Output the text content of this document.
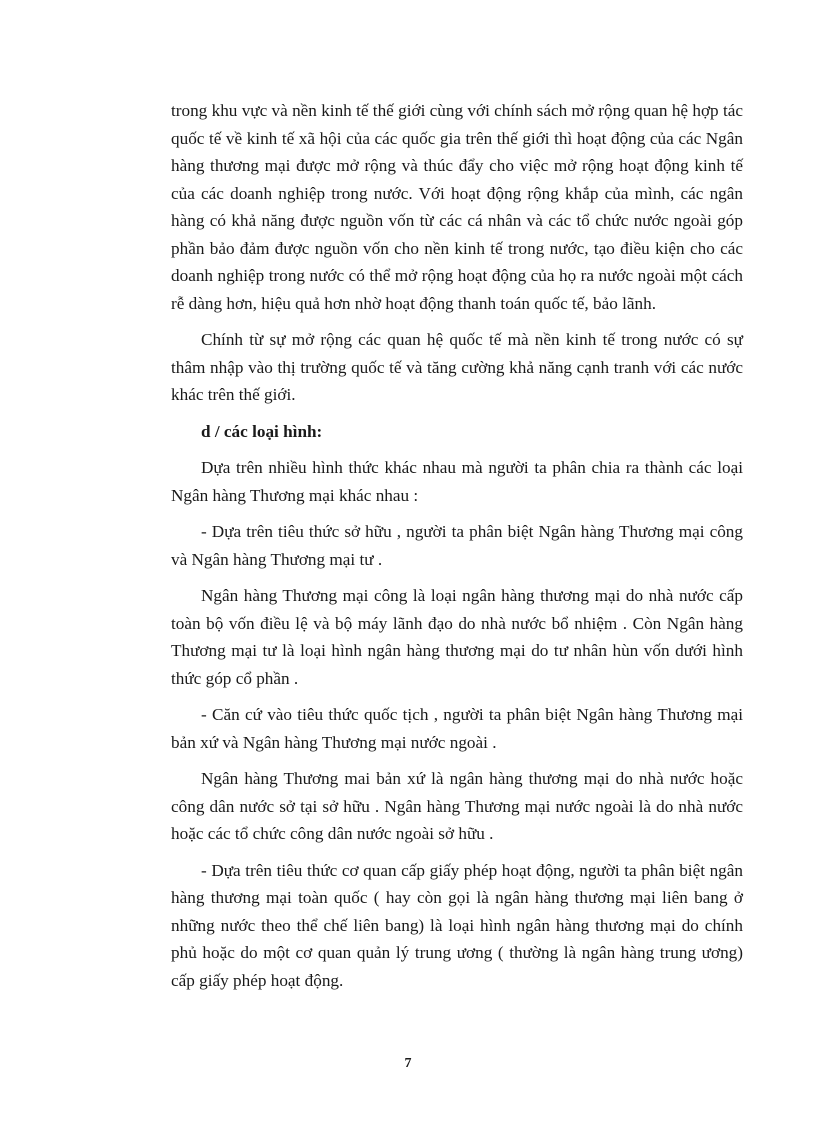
trong khu vực và nền kinh tế thế giới cùng với chính sách mở rộng quan hệ hợp tác quốc tế về kinh tế xã hội của các quốc gia trên thế giới thì hoạt động của các Ngân hàng thương mại được mở rộng và thúc đẩy cho việc mở rộng hoạt động kinh tế của các doanh nghiệp trong nước. Với hoạt động rộng khắp của mình, các ngân hàng có khả năng được nguồn vốn từ các cá nhân và các tổ chức nước ngoài góp phần bảo đảm được nguồn vốn cho nền kinh tế trong nước, tạo điều kiện cho các doanh nghiệp trong nước có thể mở rộng hoạt động của họ ra nước ngoài một cách rễ dàng hơn, hiệu quả hơn nhờ hoạt động thanh toán quốc tế, bảo lãnh.

Chính từ sự mở rộng các quan hệ quốc tế mà nền kinh tế trong nước có sự thâm nhập vào thị trường quốc tế và tăng cường khả năng cạnh tranh với các nước khác trên thế giới.

d / các loại hình:

Dựa trên nhiều hình thức khác nhau mà người ta phân chia ra thành các loại Ngân hàng Thương mại khác nhau :

- Dựa trên tiêu thức sở hữu , người ta phân biệt Ngân hàng Thương mại công và Ngân hàng Thương mại tư .

Ngân hàng Thương mại công là loại ngân hàng thương mại do nhà nước cấp toàn bộ vốn điều lệ và bộ máy lãnh đạo do nhà nước bổ nhiệm . Còn Ngân hàng Thương mại tư là loại hình ngân hàng thương mại do tư nhân hùn vốn dưới hình thức góp cổ phần .

- Căn cứ vào tiêu thức quốc tịch , người ta phân biệt Ngân hàng Thương mại bản xứ và Ngân hàng Thương mại nước ngoài .

Ngân hàng Thương mai bản xứ là ngân hàng thương mại do nhà nước hoặc công dân nước sở tại sở hữu . Ngân hàng Thương mại nước ngoài là do nhà nước hoặc các tổ chức công dân nước ngoài sở hữu .

- Dựa trên tiêu thức cơ quan cấp giấy phép hoạt động, người ta phân biệt ngân hàng thương mại toàn quốc ( hay còn gọi là ngân hàng thương mại liên bang ở những nước theo thể chế liên bang) là loại hình ngân hàng thương mại do chính phủ hoặc do một cơ quan quản lý trung ương ( thường là ngân hàng trung ương) cấp giấy phép hoạt động.

7
